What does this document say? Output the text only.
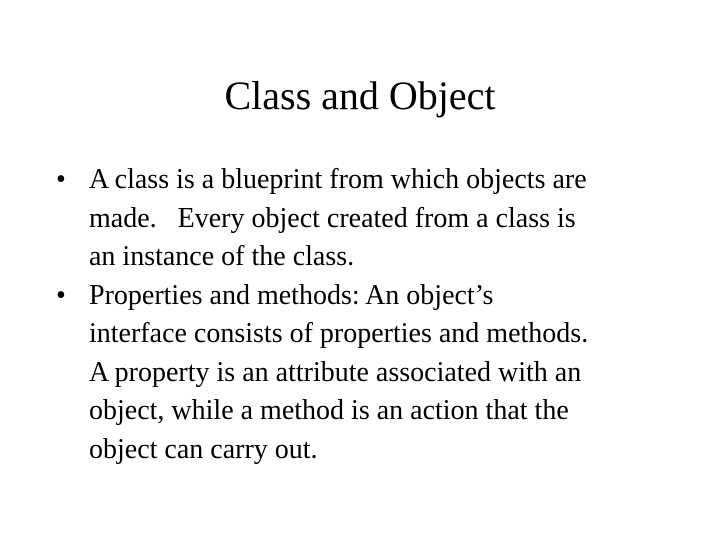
Class and Object
• A class is a blueprint from which objects are
made.   Every object created from a class is
an instance of the class.
• Properties and methods: An object’s
interface consists of properties and methods.
A property is an attribute associated with an
object, while a method is an action that the
object can carry out.
